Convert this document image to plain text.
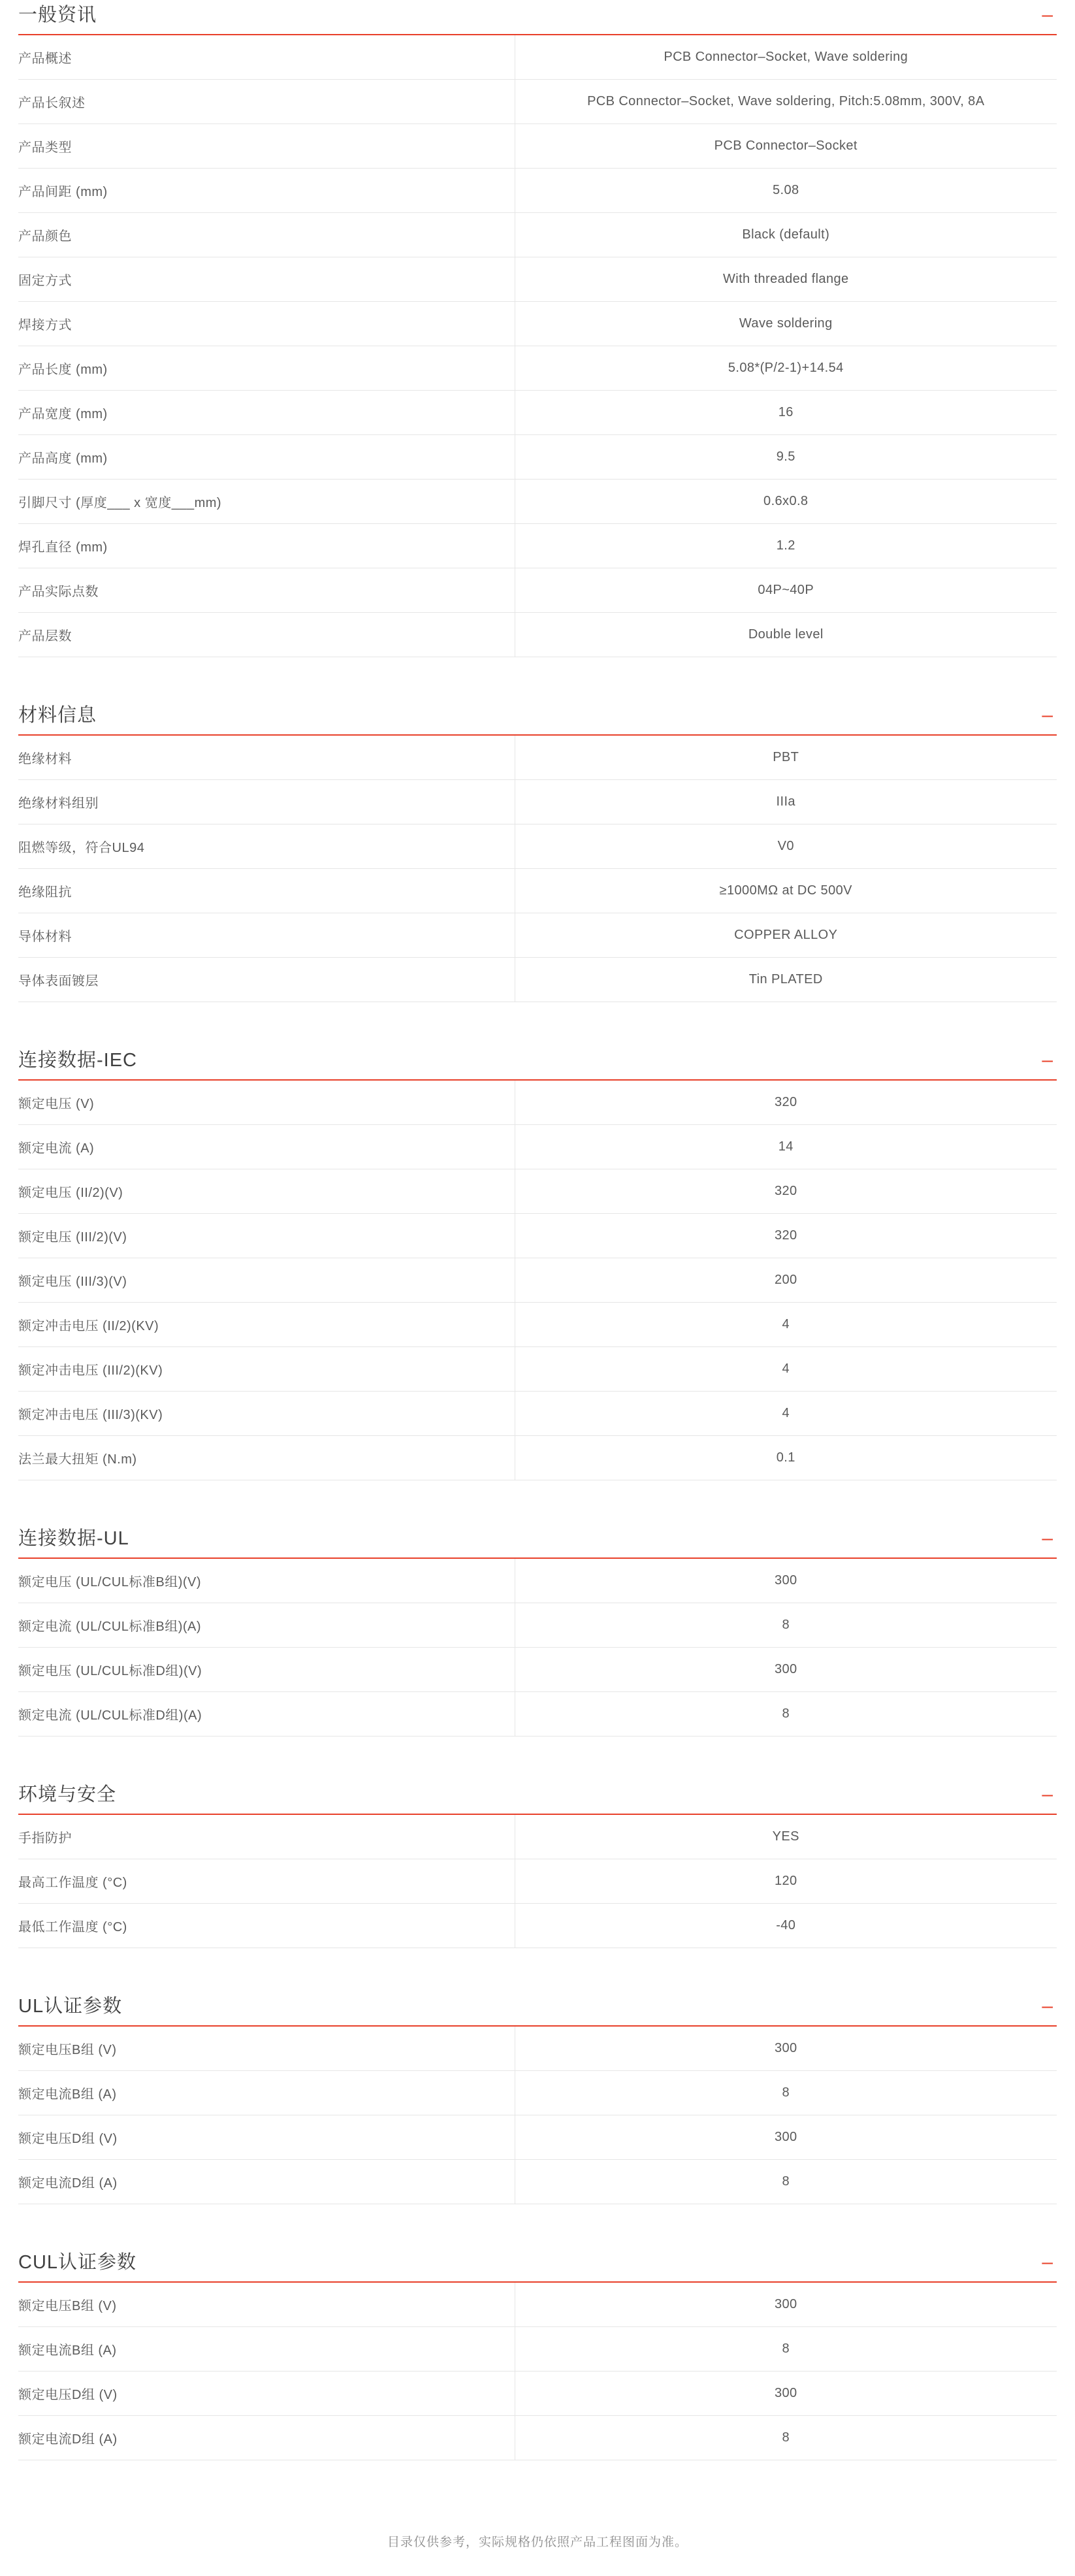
一般资讯	–
产品概述	PCB Connector–Socket, Wave soldering
产品长叙述	PCB Connector–Socket, Wave soldering, Pitch:5.08mm, 300V, 8A
产品类型	PCB Connector–Socket
产品间距 (mm)	5.08
产品颜色	Black (default)
固定方式	With threaded flange
焊接方式	Wave soldering
产品长度 (mm)	5.08*(P/2-1)+14.54
产品宽度 (mm)	16
产品高度 (mm)	9.5
引脚尺寸 (厚度___ x 宽度___mm)	0.6x0.8
焊孔直径 (mm)	1.2
产品实际点数	04P~40P
产品层数	Double level
材料信息	–
绝缘材料	PBT
绝缘材料组别	IIIa
阻燃等级，符合UL94	V0
绝缘阻抗	≥1000MΩ at DC 500V
导体材料	COPPER ALLOY
导体表面镀层	Tin PLATED
连接数据-IEC	–
额定电压 (V)	320
额定电流 (A)	14
额定电压 (II/2)(V)	320
额定电压 (III/2)(V)	320
额定电压 (III/3)(V)	200
额定冲击电压 (II/2)(KV)	4
额定冲击电压 (III/2)(KV)	4
额定冲击电压 (III/3)(KV)	4
法兰最大扭矩 (N.m)	0.1
连接数据-UL	–
额定电压 (UL/CUL标准B组)(V)	300
额定电流 (UL/CUL标准B组)(A)	8
额定电压 (UL/CUL标准D组)(V)	300
额定电流 (UL/CUL标准D组)(A)	8
环境与安全	–
手指防护	YES
最高工作温度 (°C)	120
最低工作温度 (°C)	-40
UL认证参数	–
额定电压B组 (V)	300
额定电流B组 (A)	8
额定电压D组 (V)	300
额定电流D组 (A)	8
CUL认证参数	–
额定电压B组 (V)	300
额定电流B组 (A)	8
额定电压D组 (V)	300
额定电流D组 (A)	8
目录仅供参考，实际规格仍依照产品工程图面为准。
